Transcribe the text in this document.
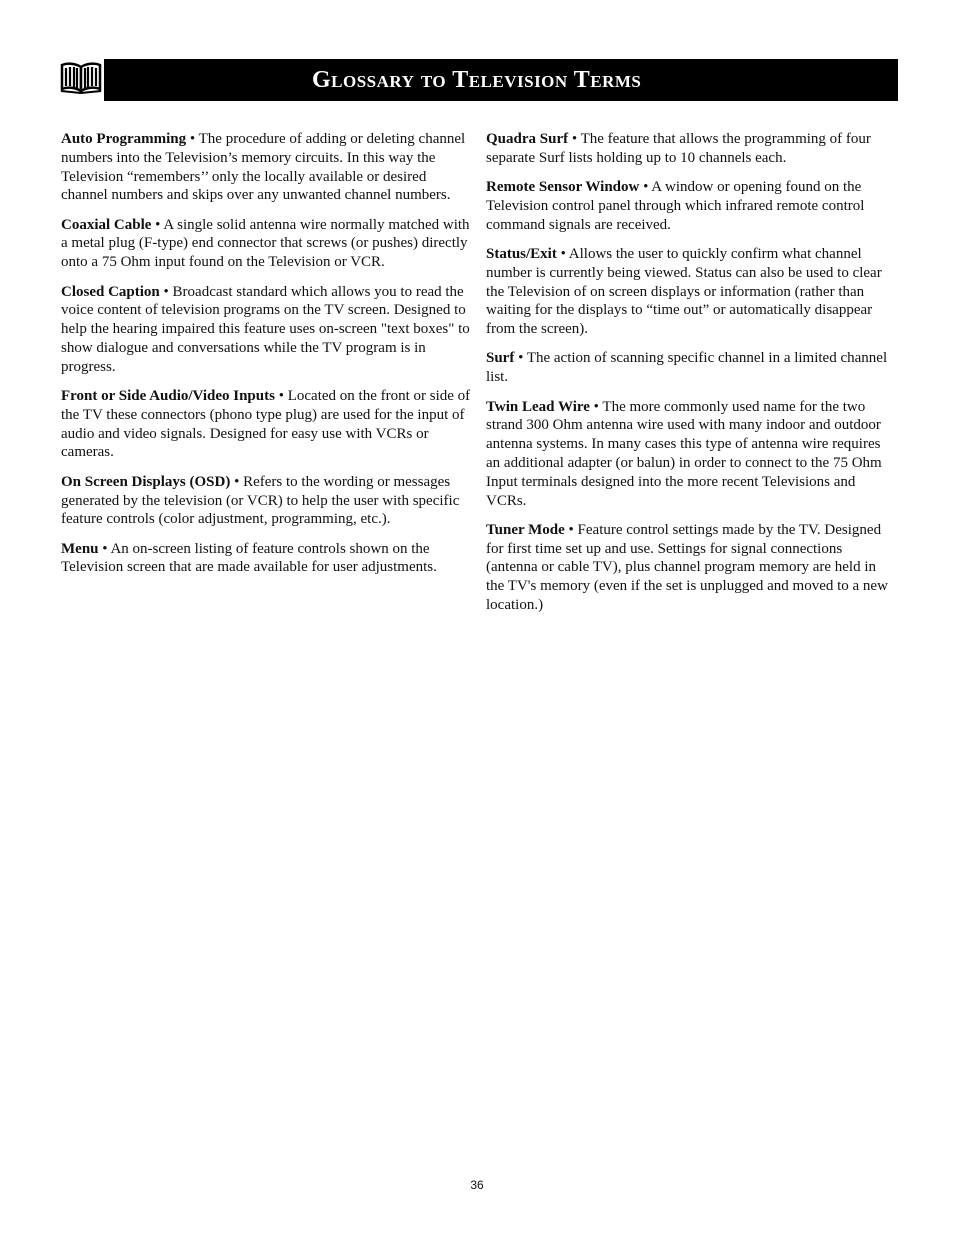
Glossary to Television Terms

Auto Programming • The procedure of adding or deleting channel numbers into the Television’s memory circuits. In this way the Television “remembers’’ only the locally available or desired channel numbers and skips over any unwanted channel numbers.

Coaxial Cable • A single solid antenna wire normally matched with a metal plug (F-type) end connector that screws (or pushes) directly onto a 75 Ohm input found on the Television or VCR.

Closed Caption • Broadcast standard which allows you to read the voice content of television programs on the TV screen. Designed to help the hearing impaired this feature uses on-screen "text boxes" to show dialogue and conversations while the TV program is in progress.

Front or Side Audio/Video Inputs • Located on the front or side of the TV these connectors (phono type plug) are used for the input of audio and video signals. Designed for easy use with VCRs or cameras.

On Screen Displays (OSD) • Refers to the wording or messages generated by the television (or VCR) to help the user with specific feature controls (color adjustment, programming, etc.).

Menu • An on-screen listing of feature controls shown on the Television screen that are made available for user adjustments.

Quadra Surf • The feature that allows the programming of four separate Surf lists holding up to 10 channels each.

Remote Sensor Window • A window or opening found on the Television control panel through which infrared remote control command signals are received.

Status/Exit • Allows the user to quickly confirm what channel number is currently being viewed. Status can also be used to clear the Television of on screen displays or information (rather than waiting for the displays to “time out” or automatically disappear from the screen).

Surf • The action of scanning specific channel in a limited channel list.

Twin Lead Wire • The more commonly used name for the two strand 300 Ohm antenna wire used with many indoor and outdoor antenna systems. In many cases this type of antenna wire requires an additional adapter (or balun) in order to connect to the 75 Ohm Input terminals designed into the more recent Televisions and VCRs.

Tuner Mode • Feature control settings made by the TV. Designed for first time set up and use. Settings for signal connections (antenna or cable TV), plus channel program memory are held in the TV's memory (even if the set is unplugged and moved to a new location.)

36
